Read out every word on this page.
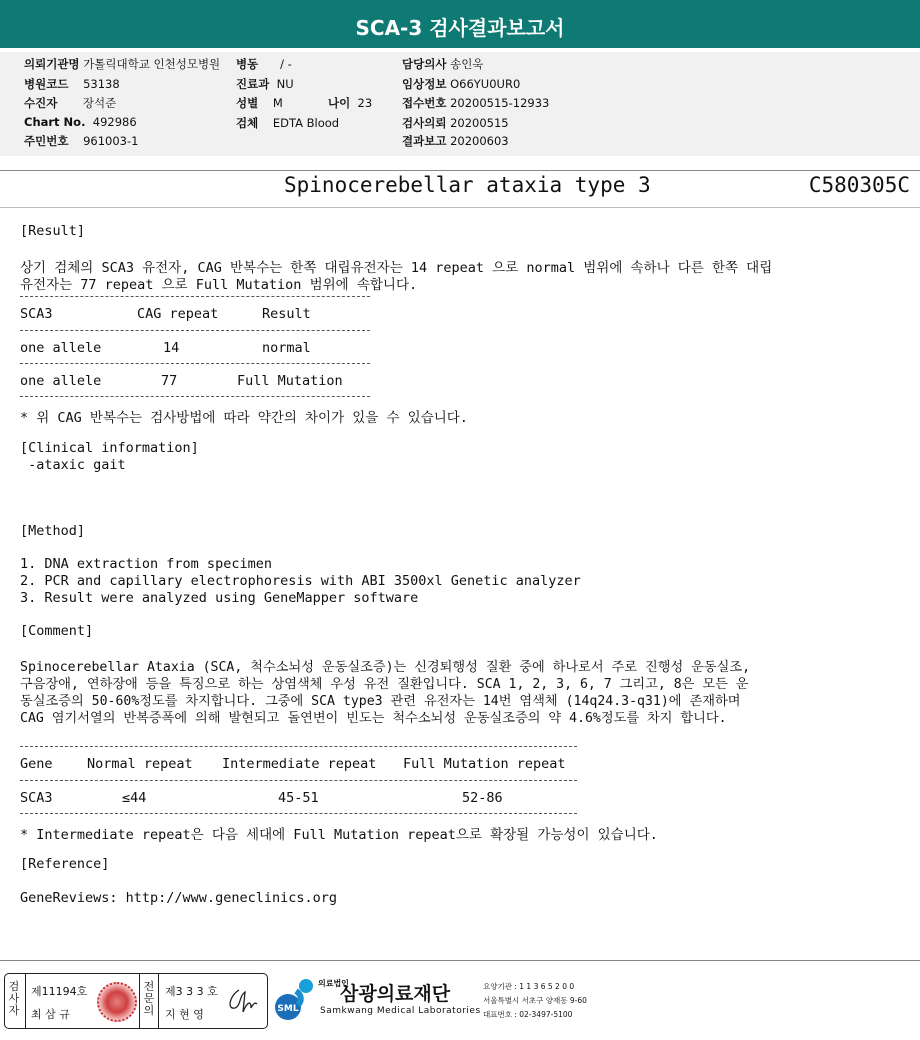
SCA-3 검사결과보고서
의뢰기관명 가톨릭대학교 인천성모병원
병원코드 53138
수진자 장석준
Chart No. 492986
주민번호 961003-1
병동 / -
진료과 NU
성별 M	나이 23
검체 EDTA Blood
담당의사 송인욱
임상정보 O66YU0UR0
접수번호 20200515-12933
검사의뢰 20200515
결과보고 20200603
Spinocerebellar ataxia type 3	C580305C
[Result]
상기 검체의 SCA3 유전자, CAG 반복수는 한쪽 대립유전자는 14 repeat 으로 normal 범위에 속하나 다른 한쪽 대립
유전자는 77 repeat 으로 Full Mutation 범위에 속합니다.
SCA3	CAG repeat	Result
one allele	14	normal
one allele	77	Full Mutation
* 위 CAG 반복수는 검사방법에 따라 약간의 차이가 있을 수 있습니다.
[Clinical information]
-ataxic gait
[Method]
1. DNA extraction from specimen
2. PCR and capillary electrophoresis with ABI 3500xl Genetic analyzer
3. Result were analyzed using GeneMapper software
[Comment]
Spinocerebellar Ataxia (SCA, 척수소뇌성 운동실조증)는 신경퇴행성 질환 중에 하나로서 주로 진행성 운동실조,
구음장애, 연하장애 등을 특징으로 하는 상염색체 우성 유전 질환입니다. SCA 1, 2, 3, 6, 7 그리고, 8은 모든 운
동실조증의 50-60%정도를 차지합니다. 그중에 SCA type3 관련 유전자는 14번 염색체 (14q24.3-q31)에 존재하며
CAG 염기서열의 반복증폭에 의해 발현되고 돌연변이 빈도는 척수소뇌성 운동실조증의 약 4.6%정도를 차지 합니다.
Gene	Normal repeat Intermediate repeat Full Mutation repeat
SCA3	≤44	45-51	52-86
* Intermediate repeat은 다음 세대에 Full Mutation repeat으로 확장될 가능성이 있습니다.
[Reference]
GeneReviews: http://www.geneclinics.org
검사자
제11194호
최 삼 규
전문의
제3 3 3 호
지 현 영	SML
의료법인
삼광의료재단
Samkwang Medical Laboratories
요양기관 : 1 1 3 6 5 2 0 0
서울특별시 서초구 양재동 9-60
대표번호 : 02-3497-5100
